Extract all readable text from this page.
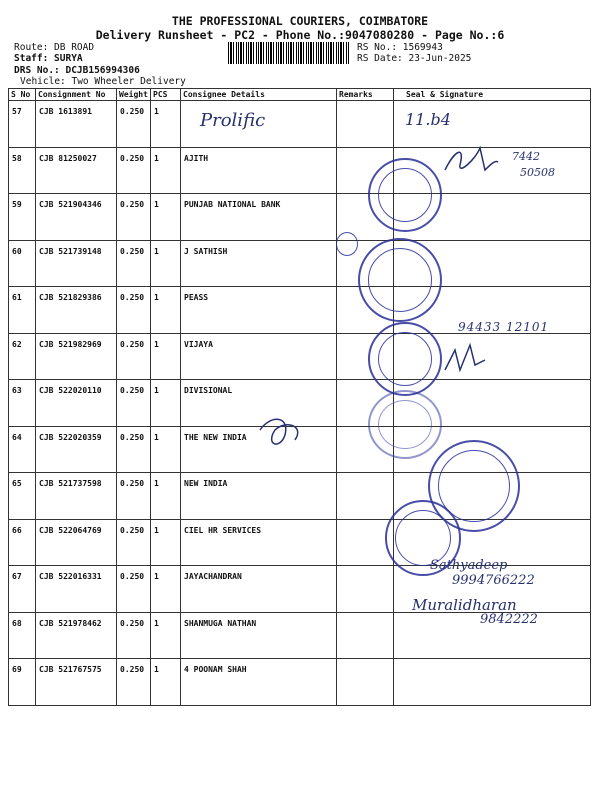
THE PROFESSIONAL COURIERS, COIMBATORE
Delivery Runsheet - PC2 - Phone No.:9047080280 - Page No.:6
Route: DB ROAD
Staff: SURYA
DRS No.: DCJB156994306
Vehicle: Two Wheeler Delivery
RS No.: 1569943
RS Date: 23-Jun-2025
S No	Consignment No	Weight	PCS	Consignee Details	Remarks	Seal & Signature
57	CJB 1613891	0.250	1			
58	CJB 81250027	0.250	1	AJITH		
59	CJB 521904346	0.250	1	PUNJAB NATIONAL BANK		
60	CJB 521739148	0.250	1	J SATHISH		
61	CJB 521829386	0.250	1	PEASS		
62	CJB 521982969	0.250	1	VIJAYA		
63	CJB 522020110	0.250	1	DIVISIONAL		
64	CJB 522020359	0.250	1	THE NEW INDIA		
65	CJB 521737598	0.250	1	NEW INDIA		
66	CJB 522064769	0.250	1	CIEL HR SERVICES		
67	CJB 522016331	0.250	1	JAYACHANDRAN		
68	CJB 521978462	0.250	1	SHANMUGA NATHAN		
69	CJB 521767575	0.250	1	4 POONAM SHAH		
Prolific	11.b4
7442
50508
94433 12101
Sathyadeep
9994766222
Muralidharan
9842222
